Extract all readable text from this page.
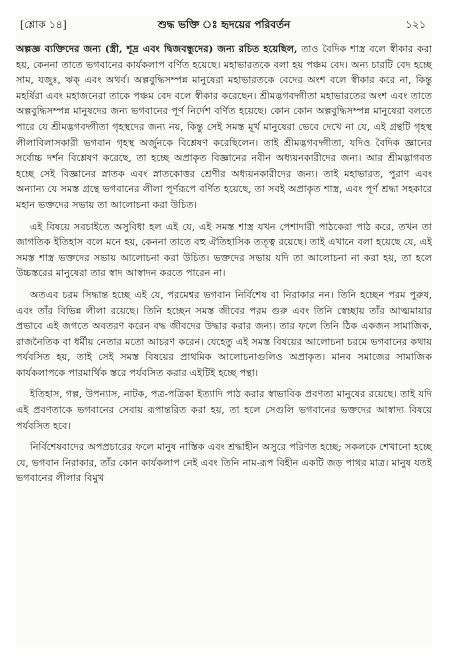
[শ্লোক ১৪]	শুদ্ধ ভক্তি ঃ হৃদয়ের পরিবর্তন	১২১

অল্পজ্ঞ ব্যক্তিদের জন্য (স্ত্রী, শূদ্র এবং দ্বিজবন্ধুদের) জন্য রচিত হয়েছিল, তাও বৈদিক শাস্ত্র বলে স্বীকার করা হয়, কেননা তাতে ভগবানের কার্যকলাপ বর্ণিত হয়েছে। মহাভারতকে বলা হয় পঞ্চম বেদ। অন্য চারটি বেদ হচ্ছে সাম, যজুঃ, ঋক্‌ এবং অথর্ব। অল্পবুদ্ধিসম্পন্ন মানুষেরা মহাভারতকে বেদের অংশ বলে স্বীকার করে না, কিন্তু মহর্ষিরা এবং মহাজনেরা তাকে পঞ্চম বেদ বলে স্বীকার করেছেন। শ্রীমদ্ভগবদ্গীতা মহাভারতের অংশ এবং তাতে অল্পবুদ্ধিসম্পন্ন মানুষদের জন্য ভগবানের পূর্ণ নির্দেশ বর্ণিত হয়েছে। কোন কোন অল্পবুদ্ধিসম্পন্ন মানুষেরা বলতে পারে যে শ্রীমদ্ভগবদ্গীতা গৃহস্থদের জন্য নয়, কিন্তু সেই সমস্ত মূর্খ মানুষেরা ভেবে দেখে না যে, এই গ্রন্থটি গৃহস্থ লীলাবিলাসকারী ভগবান গৃহস্থ অর্জুনকে বিশ্লেষণ করেছিলেন। তাই শ্রীমদ্ভগবদ্গীতা, যদিও বৈদিক জ্ঞানের সর্বোচ্চ দর্শন বিশ্লেষণ করেছে, তা হচ্ছে অপ্রাকৃত বিজ্ঞানের নবীন অধ্যয়নকারীদের জন্য। আর শ্রীমদ্ভাগবত হচ্ছে সেই বিজ্ঞানের স্নাতক এবং স্নাতকোত্তর শ্রেণীর অধ্যয়নকারীদের জন্য। তাই মহাভারত, পুরাণ এবং অন্যান্য যে সমস্ত গ্রন্থে ভগবানের লীলা পূর্ণরূপে বর্ণিত হয়েছে, তা সবই অপ্রাকৃত শাস্ত্র, এবং পূর্ণ শ্রদ্ধা সহকারে মহান ভক্তদের সভায় তা আলোচনা করা উচিত।

এই বিষয়ে সবচাইতে অসুবিধা হল এই যে, এই সমস্ত শাস্ত্র যখন পেশাদারী পাঠকেরা পাঠ করে, তখন তা জাগতিক ইতিহাস বলে মনে হয়, কেননা তাতে বহু ঐতিহাসিক তত্ত্ব রয়েছে। তাই এখানে বলা হয়েছে যে, এই সমস্ত শাস্ত্র ভক্তদের সভায় আলোচনা করা উচিত। ভক্তদের সভায় যদি তা আলোচনা না করা হয়, তা হলে উচ্চস্তরের মানুষেরা তার স্বাদ আস্বাদন করতে পারেন না।

অতএব চরম সিদ্ধান্ত হচ্ছে এই যে, পরমেশ্বর ভগবান নির্বিশেষ বা নিরাকার নন। তিনি হচ্ছেন পরম পুরুষ, এবং তাঁর বিভিন্ন লীলা রয়েছে। তিনি হচ্ছেন সমস্ত জীবের পরম গুরু এবং তিনি স্বেচ্ছায় তাঁর আত্মমায়ার প্রভাবে এই জগতে অবতরণ করেন বদ্ধ জীবদের উদ্ধার করার জন্য। তার ফলে তিনি ঠিক একজন সামাজিক, রাজনৈতিক বা ধর্মীয় নেতার মতো আচরণ করেন। যেহেতু এই সমস্ত বিষয়ের আলোচনা চরমে ভগবানের কথায় পর্যবসিত হয়, তাই সেই সমস্ত বিষয়ের প্রাথমিক আলোচনাগুলিও অপ্রাকৃত। মানব সমাজের সামাজিক কার্যকলাপকে পারমার্থিক স্তরে পর্যবসিত করার এইটিই হচ্ছে পন্থা।

ইতিহাস, গল্প, উপন্যাস, নাটক, পত্র-পত্রিকা ইত্যাদি পাঠ করার স্বাভাবিক প্রবণতা মানুষের রয়েছে। তাই যদি এই প্রবণতাকে ভগবানের সেবায় রূপান্তরিত করা হয়, তা হলে সেগুলি ভগবানের ভক্তদের আস্বাদ্য বিষয়ে পর্যবসিত হবে।

নির্বিশেষবাদের অপপ্রচারের ফলে মানুষ নাস্তিক এবং শ্রদ্ধাহীন অসুরে পরিণত হচ্ছে; সকলকে শেখানো হচ্ছে যে, ভগবান নিরাকার, তাঁর কোন কার্যকলাপ নেই এবং তিনি নাম-রূপ বিহীন একটি জড় পাথর মাত্র। মানুষ যতই ভগবানের লীলার বিমুখ
